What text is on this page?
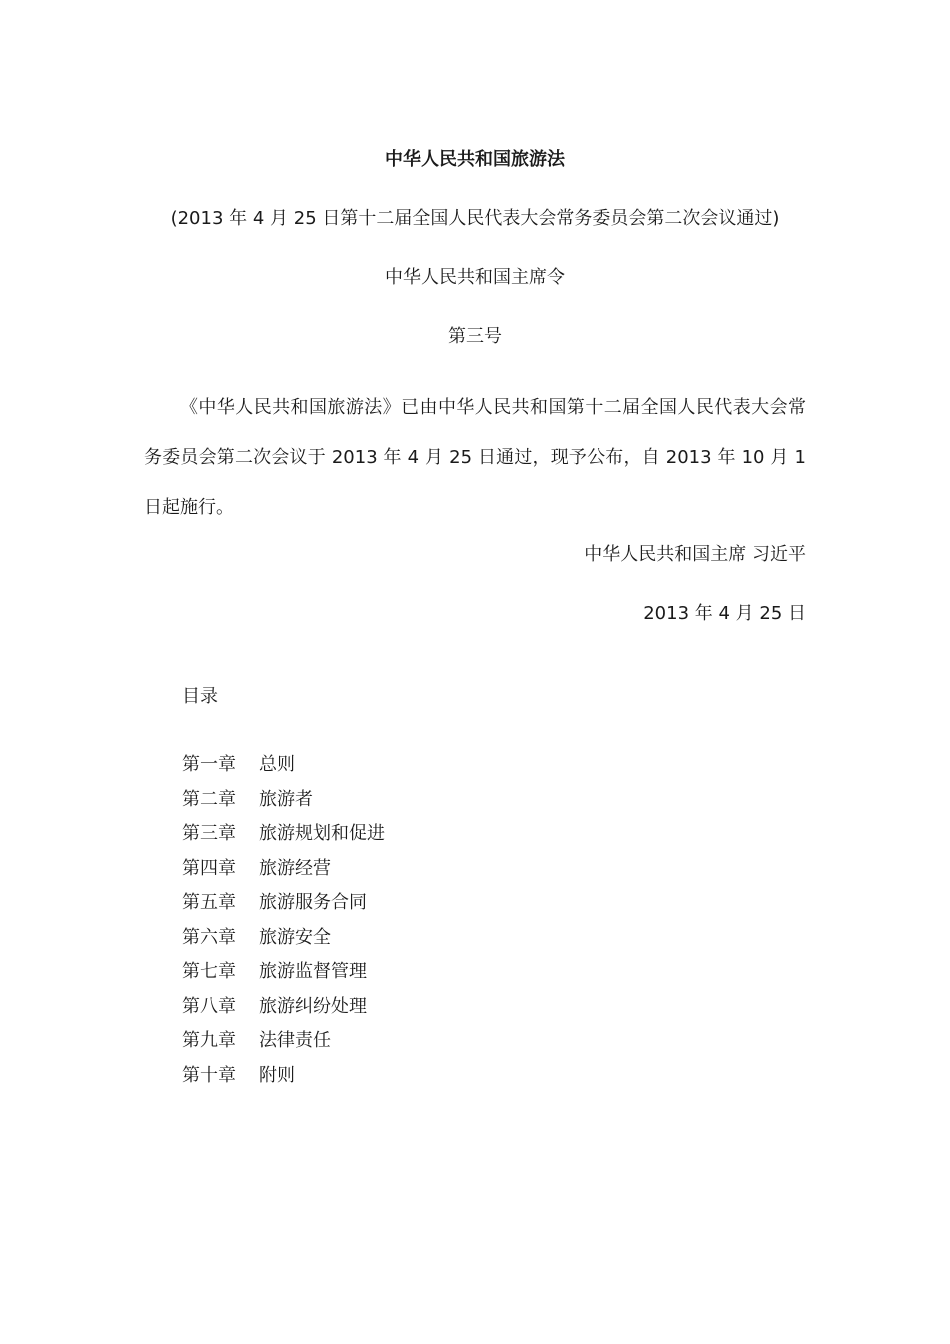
中华人民共和国旅游法
(2013 年 4 月 25 日第十二届全国人民代表大会常务委员会第二次会议通过)
中华人民共和国主席令
第三号
《中华人民共和国旅游法》已由中华人民共和国第十二届全国人民代表大会常务委员会第二次会议于 2013 年 4 月 25 日通过，现予公布，自 2013 年 10 月 1 日起施行。
中华人民共和国主席 习近平
2013 年 4 月 25 日
目录
第一章 总则
第二章 旅游者
第三章 旅游规划和促进
第四章 旅游经营
第五章 旅游服务合同
第六章 旅游安全
第七章 旅游监督管理
第八章 旅游纠纷处理
第九章 法律责任
第十章 附则
